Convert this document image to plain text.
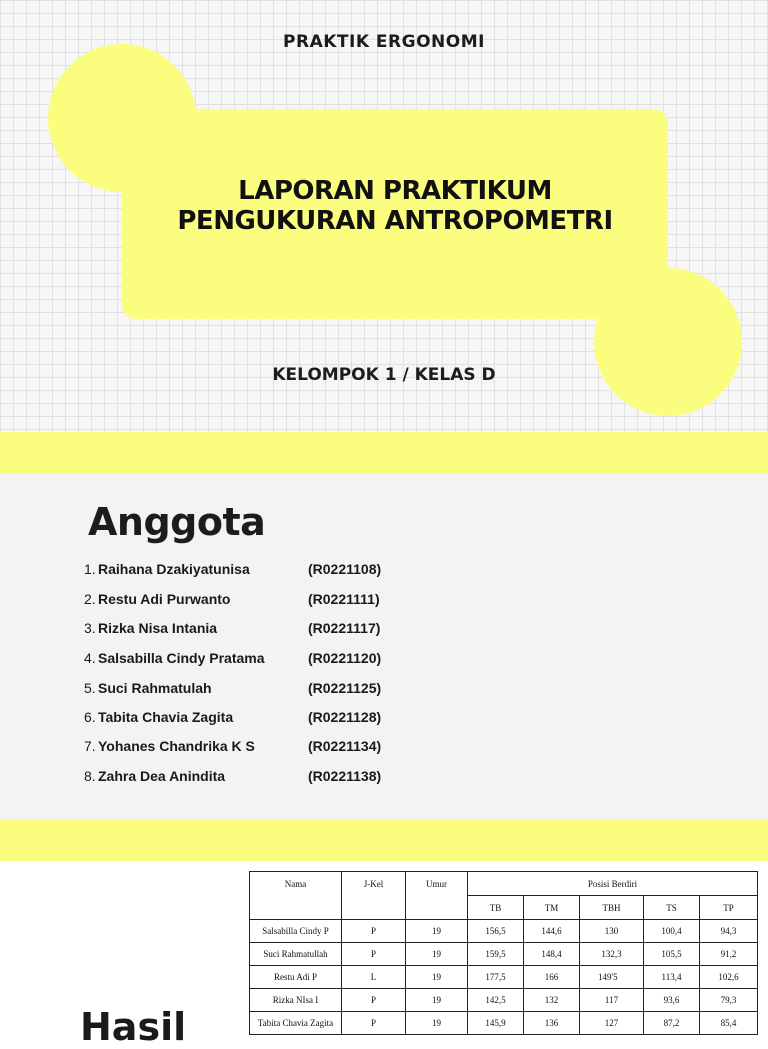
PRAKTIK ERGONOMI
LAPORAN PRAKTIKUM
PENGUKURAN ANTROPOMETRI
KELOMPOK 1 / KELAS D
Anggota
1. Raihana Dzakiyatunisa	(R0221108)
2. Restu Adi Purwanto	(R0221111)
3. Rizka Nisa Intania	(R0221117)
4. Salsabilla Cindy Pratama	(R0221120)
5. Suci Rahmatulah	(R0221125)
6. Tabita Chavia Zagita	(R0221128)
7. Yohanes Chandrika K S	(R0221134)
8. Zahra Dea Anindita	(R0221138)
Nama	J-Kel	Umur	Posisi Berdiri				
			TB	TM	TBH	TS	TP
Salsabilla Cindy P	P	19	156,5	144,6	130	100,4	94,3
Suci Rahmatullah	P	19	159,5	148,4	132,3	105,5	91,2
Restu Adi P	L	19	177,5	166	149'5	113,4	102,6
Rizka NIsa I	P	19	142,5	132	117	93,6	79,3
Tabita Chavia Zagita	P	19	145,9	136	127	87,2	85,4
Hasil
